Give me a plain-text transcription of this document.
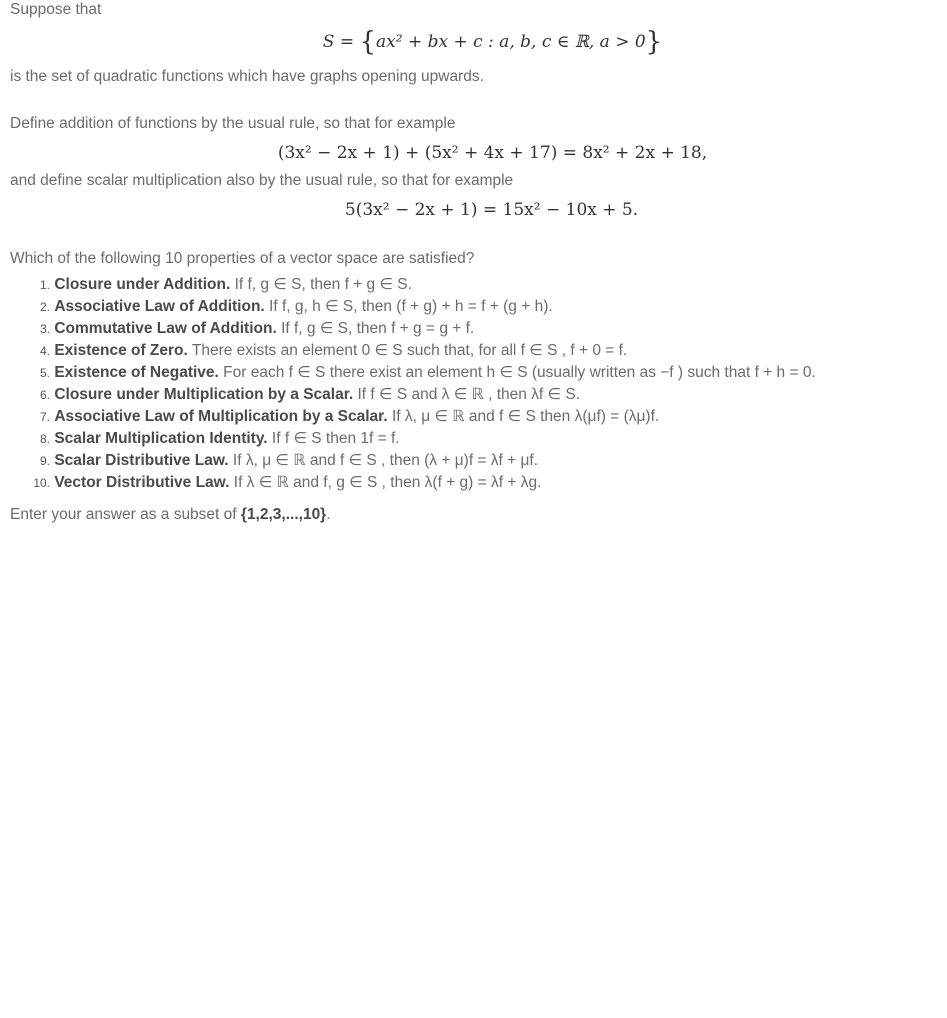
Suppose that
S = {ax² + bx + c : a, b, c ∈ ℝ, a > 0}
is the set of quadratic functions which have graphs opening upwards.
Define addition of functions by the usual rule, so that for example
(3x² − 2x + 1) + (5x² + 4x + 17) = 8x² + 2x + 18,
and define scalar multiplication also by the usual rule, so that for example
5(3x² − 2x + 1) = 15x² − 10x + 5.
Which of the following 10 properties of a vector space are satisfied?
1. Closure under Addition. If f, g ∈ S, then f + g ∈ S.
2. Associative Law of Addition. If f, g, h ∈ S, then (f + g) + h = f + (g + h).
3. Commutative Law of Addition. If f, g ∈ S, then f + g = g + f.
4. Existence of Zero. There exists an element 0 ∈ S such that, for all f ∈ S , f + 0 = f.
5. Existence of Negative. For each f ∈ S there exist an element h ∈ S (usually written as −f ) such that f + h = 0.
6. Closure under Multiplication by a Scalar. If f ∈ S and λ ∈ ℝ , then λf ∈ S.
7. Associative Law of Multiplication by a Scalar. If λ, μ ∈ ℝ and f ∈ S then λ(μf) = (λμ)f.
8. Scalar Multiplication Identity. If f ∈ S then 1f = f.
9. Scalar Distributive Law. If λ, μ ∈ ℝ and f ∈ S , then (λ + μ)f = λf + μf.
10. Vector Distributive Law. If λ ∈ ℝ and f, g ∈ S , then λ(f + g) = λf + λg.
Enter your answer as a subset of {1,2,3,...,10}.
